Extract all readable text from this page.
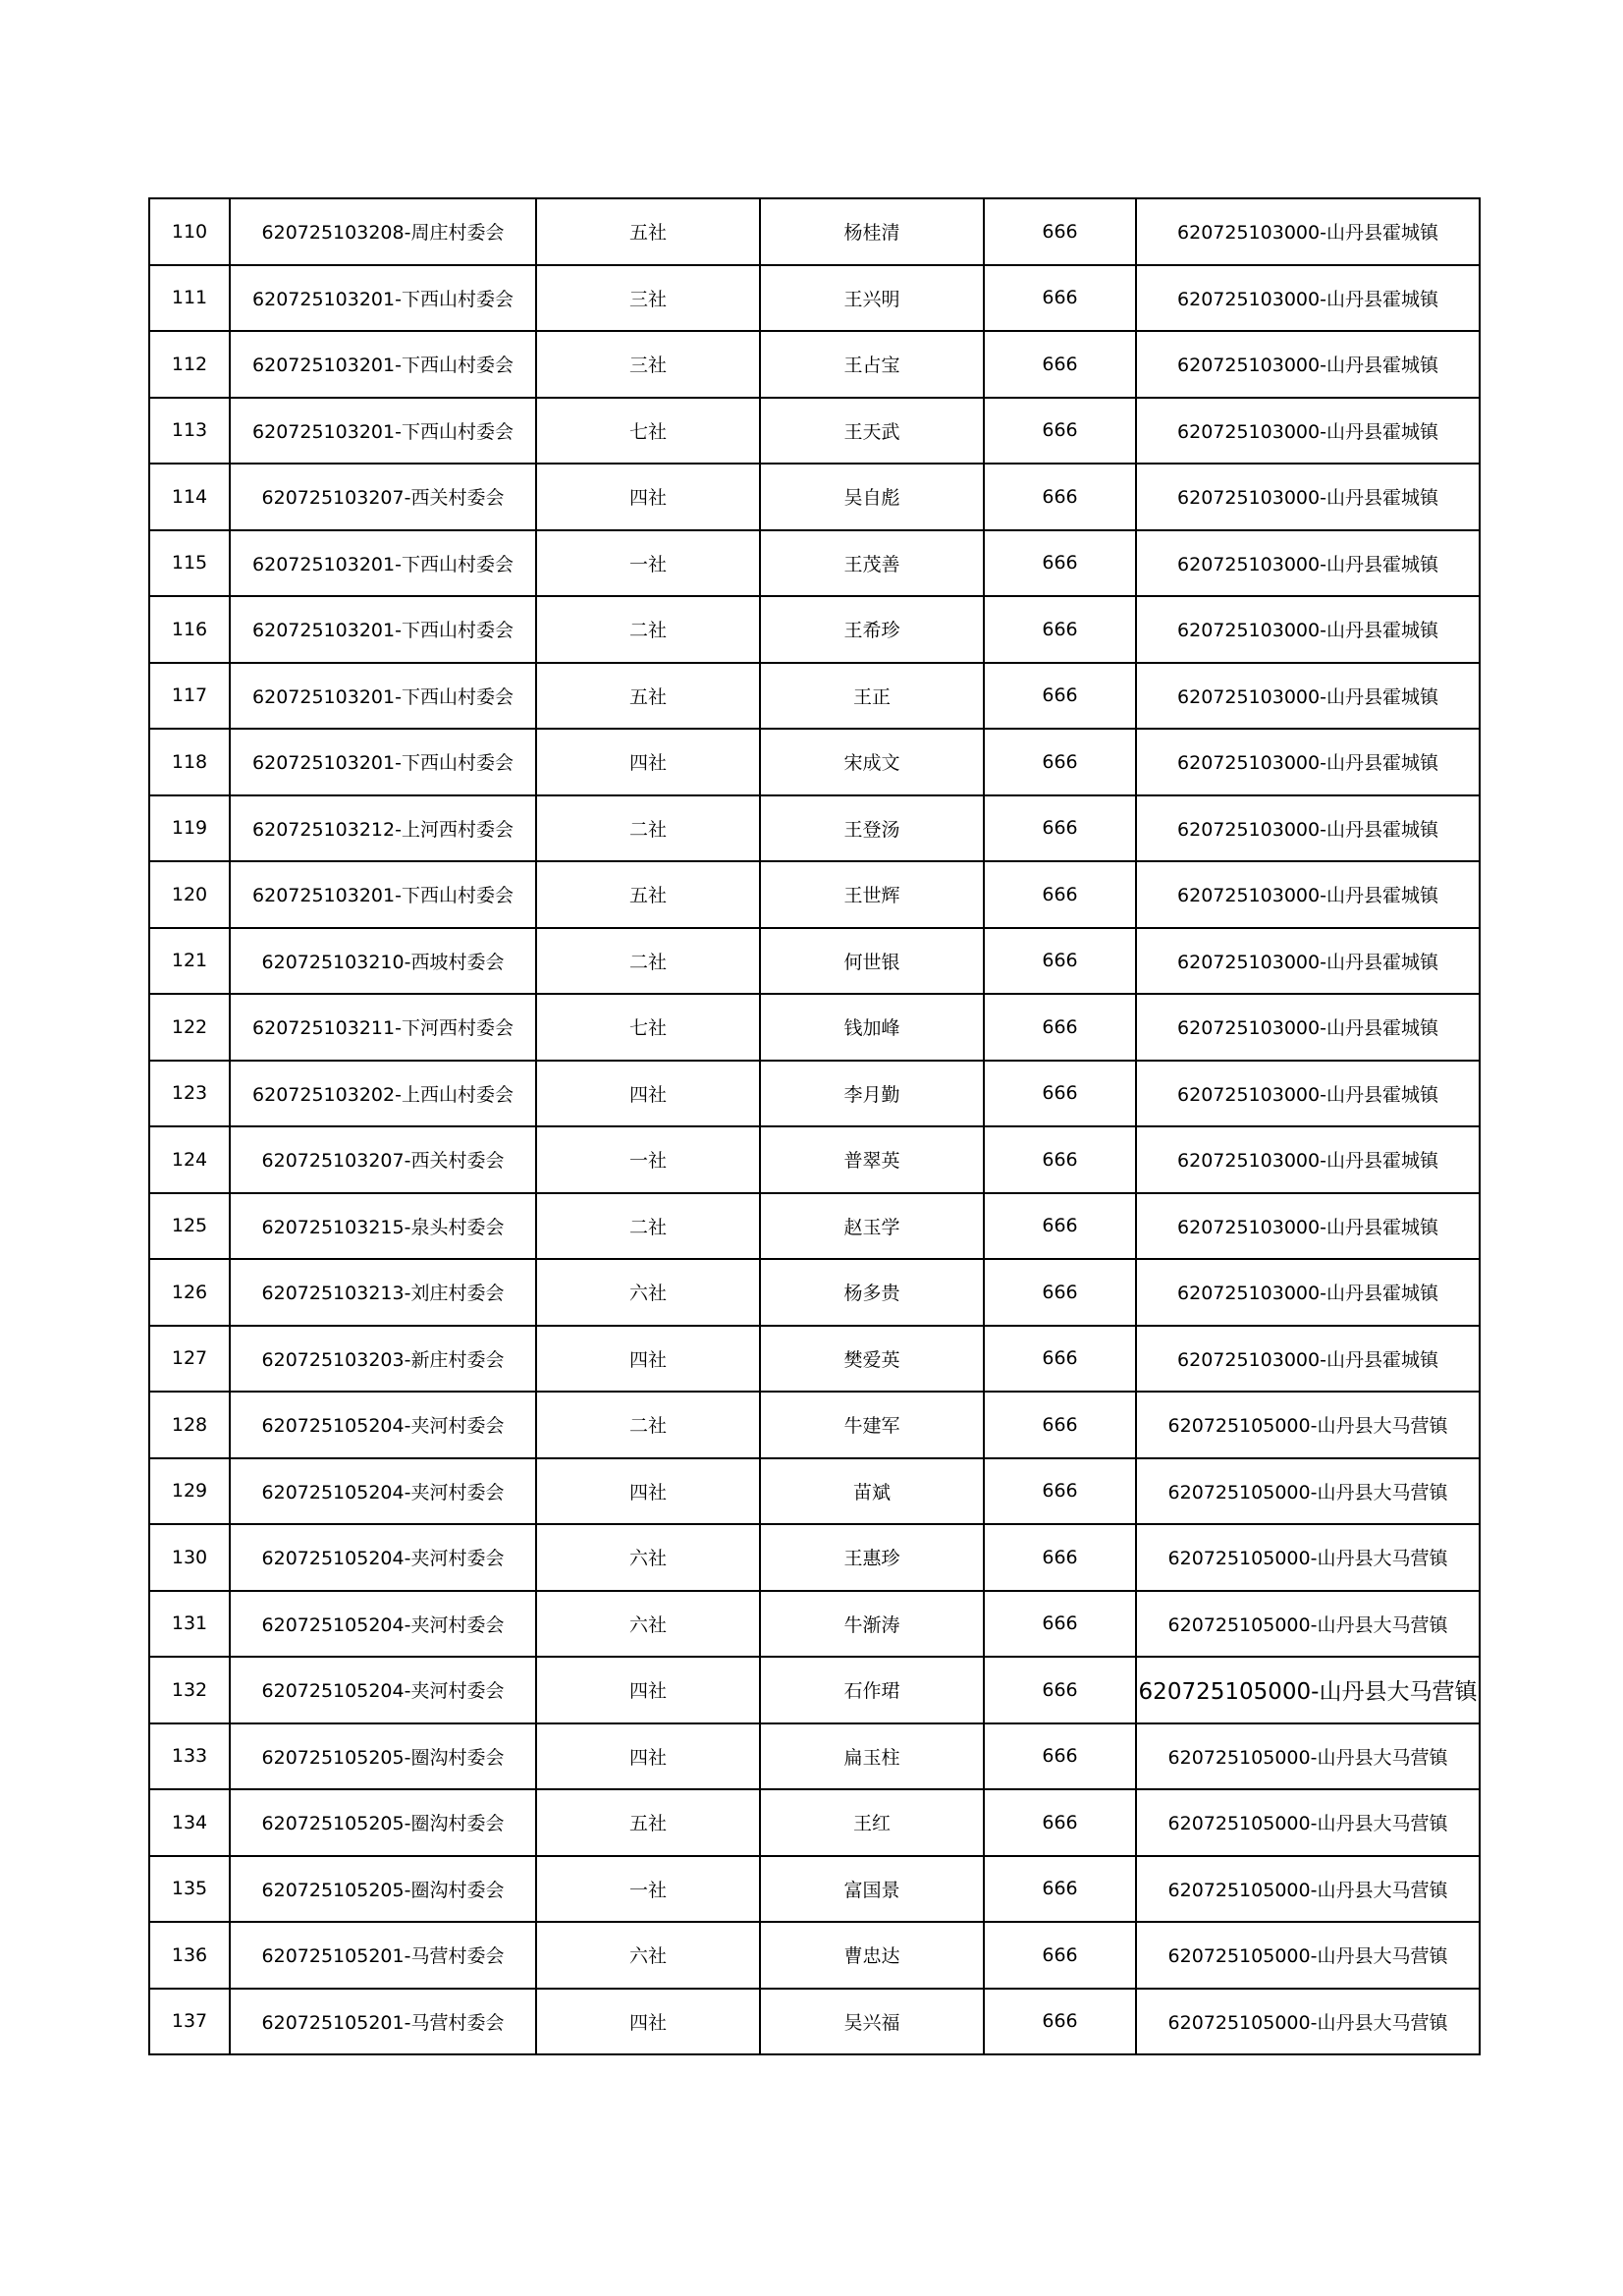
110	620725103208-周庄村委会	五社	杨桂清	666	620725103000-山丹县霍城镇
111	620725103201-下西山村委会	三社	王兴明	666	620725103000-山丹县霍城镇
112	620725103201-下西山村委会	三社	王占宝	666	620725103000-山丹县霍城镇
113	620725103201-下西山村委会	七社	王天武	666	620725103000-山丹县霍城镇
114	620725103207-西关村委会	四社	吴自彪	666	620725103000-山丹县霍城镇
115	620725103201-下西山村委会	一社	王茂善	666	620725103000-山丹县霍城镇
116	620725103201-下西山村委会	二社	王希珍	666	620725103000-山丹县霍城镇
117	620725103201-下西山村委会	五社	王正	666	620725103000-山丹县霍城镇
118	620725103201-下西山村委会	四社	宋成文	666	620725103000-山丹县霍城镇
119	620725103212-上河西村委会	二社	王登汤	666	620725103000-山丹县霍城镇
120	620725103201-下西山村委会	五社	王世辉	666	620725103000-山丹县霍城镇
121	620725103210-西坡村委会	二社	何世银	666	620725103000-山丹县霍城镇
122	620725103211-下河西村委会	七社	钱加峰	666	620725103000-山丹县霍城镇
123	620725103202-上西山村委会	四社	李月勤	666	620725103000-山丹县霍城镇
124	620725103207-西关村委会	一社	普翠英	666	620725103000-山丹县霍城镇
125	620725103215-泉头村委会	二社	赵玉学	666	620725103000-山丹县霍城镇
126	620725103213-刘庄村委会	六社	杨多贵	666	620725103000-山丹县霍城镇
127	620725103203-新庄村委会	四社	樊爱英	666	620725103000-山丹县霍城镇
128	620725105204-夹河村委会	二社	牛建军	666	620725105000-山丹县大马营镇
129	620725105204-夹河村委会	四社	苗斌	666	620725105000-山丹县大马营镇
130	620725105204-夹河村委会	六社	王惠珍	666	620725105000-山丹县大马营镇
131	620725105204-夹河村委会	六社	牛渐涛	666	620725105000-山丹县大马营镇
132	620725105204-夹河村委会	四社	石作珺	666	620725105000-山丹县大马营镇
133	620725105205-圈沟村委会	四社	扁玉柱	666	620725105000-山丹县大马营镇
134	620725105205-圈沟村委会	五社	王红	666	620725105000-山丹县大马营镇
135	620725105205-圈沟村委会	一社	富国景	666	620725105000-山丹县大马营镇
136	620725105201-马营村委会	六社	曹忠达	666	620725105000-山丹县大马营镇
137	620725105201-马营村委会	四社	吴兴福	666	620725105000-山丹县大马营镇
